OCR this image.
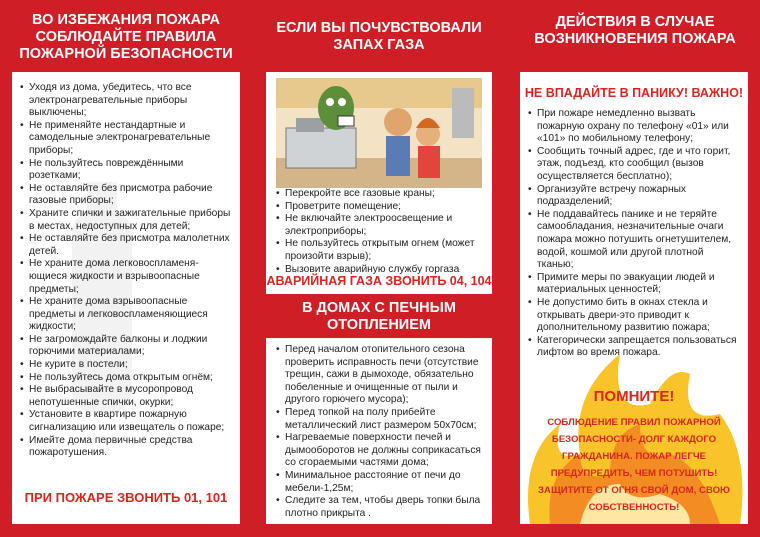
ВО ИЗБЕЖАНИЯ ПОЖАРА СОБЛЮДАЙТЕ ПРАВИЛА ПОЖАРНОЙ БЕЗОПАСНОСТИ
• Уходя из дома, убедитесь, что все электронагревательные приборы выключены;
• Не применяйте нестандартные и самодельные электронагревательные приборы;
• Не пользуйтесь повреждёнными розетками;
• Не оставляйте без присмотра рабочие газовые приборы;
• Храните спички и зажигательные приборы в местах, недоступных для детей;
• Не оставляйте без присмотра малолетних детей.
• Не храните дома легковоспламеня-ющиеся жидкости и взрывоопасные предметы;
• Не храните дома взрывоопасные предметы и легковоспламеняющиеся жидкости;
• Не загромождайте балконы и лоджии горючими материалами;
• Не курите в постели;
• Не пользуйтесь дома открытым огнём;
• Не выбрасывайте в мусоропровод непотушенные спички, окурки;
• Установите в квартире пожарную сигнализацию или извещатель о пожаре;
• Имейте дома первичные средства пожаротушения.
ПРИ ПОЖАРЕ ЗВОНИТЬ 01, 101
ЕСЛИ ВЫ ПОЧУВСТВОВАЛИ ЗАПАХ ГАЗА
• Перекройте все газовые краны;
• Проветрите помещение;
• Не включайте электроосвещение и электроприборы;
• Не пользуйтесь открытым огнем (может произойти взрыв);
• Вызовите аварийную службу горгаза
АВАРИЙНАЯ ГАЗА ЗВОНИТЬ 04, 104
В ДОМАХ С ПЕЧНЫМ ОТОПЛЕНИЕМ
• Перед началом отопительного сезона проверить исправность печи (отсутствие трещин, сажи в дымоходе, обязательно побеленные и очищенные от пыли и другого горючего мусора);
• Перед топкой на полу прибейте металлический лист размером 50х70см;
• Нагреваемые поверхности печей и дымооборотов не должны соприкасаться со сгораемыми частями дома;
• Минимальное расстояние от печи до мебели-1,25м;
• Следите за тем, чтобы дверь топки была плотно прикрыта .
ДЕЙСТВИЯ В СЛУЧАЕ ВОЗНИКНОВЕНИЯ ПОЖАРА
НЕ ВПАДАЙТЕ В ПАНИКУ! ВАЖНО!
• При пожаре немедленно вызвать пожарную охрану по телефону «01» или «101» по мобильному телефону;
• Сообщить точный адрес, где и что горит, этаж, подъезд, кто сообщил (вызов осуществляется бесплатно);
• Организуйте встречу пожарных подразделений;
• Не поддавайтесь панике и не теряйте самообладания, незначительные очаги пожара можно потушить огнетушителем, водой, кошмой или другой плотной тканью;
• Примите меры по эвакуации людей и материальных ценностей;
• Не допустимо бить в окнах стекла и открывать двери-это приводит к дополнительному развитию пожара;
• Категорически запрещается пользоваться лифтом во время пожара.
ПОМНИТЕ!
СОБЛЮДЕНИЕ ПРАВИЛ ПОЖАРНОЙ БЕЗОПАСНОСТИ- ДОЛГ КАЖДОГО ГРАЖДАНИНА. ПОЖАР ЛЕГЧЕ ПРЕДУПРЕДИТЬ, ЧЕМ ПОТУШИТЬ! ЗАЩИТИТЕ ОТ ОГНЯ СВОЙ ДОМ, СВОЮ СОБСТВЕННОСТЬ!
